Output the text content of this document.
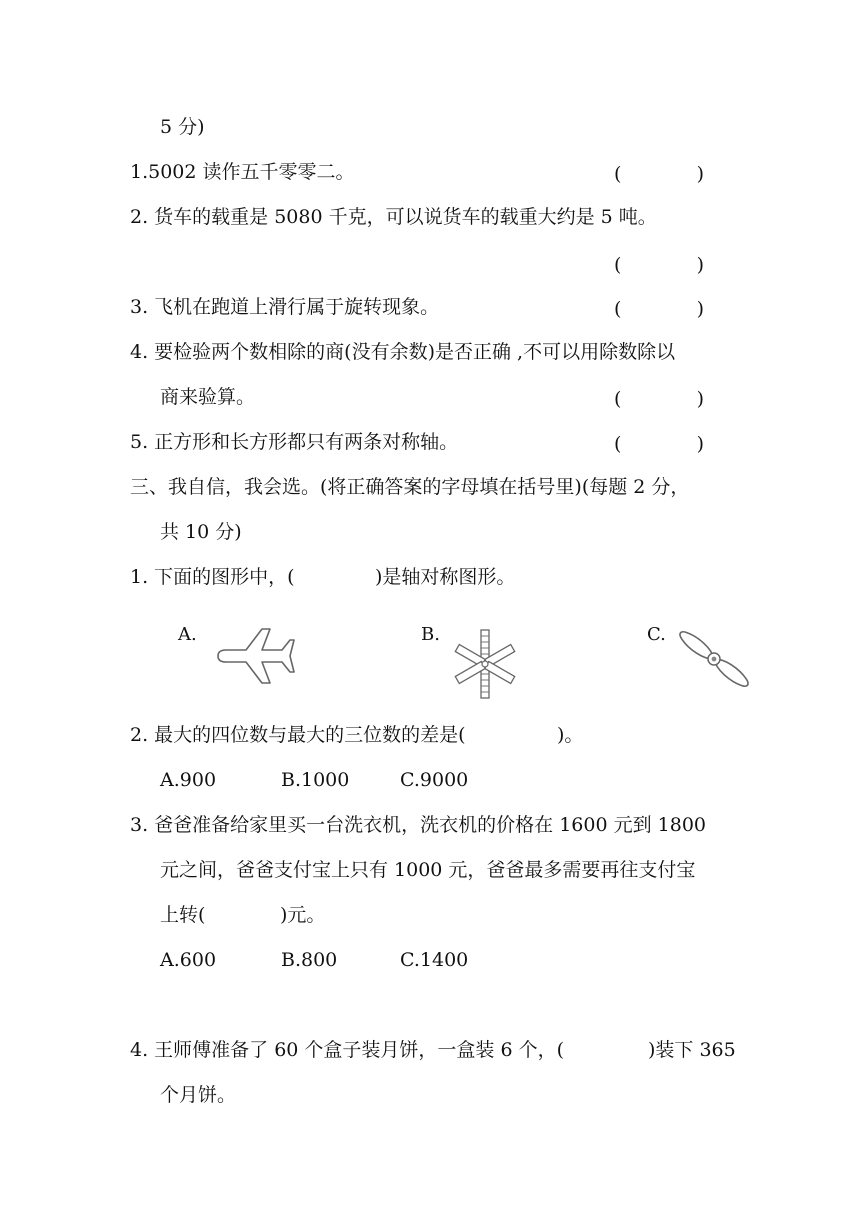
5 分)
1.5002 读作五千零零二。	(	)
2. 货车的载重是 5080 千克，可以说货车的载重大约是 5 吨。
(	)
3. 飞机在跑道上滑行属于旋转现象。	(	)
4. 要检验两个数相除的商(没有余数)是否正确 ,不可以用除数除以
商来验算。	(	)
5. 正方形和长方形都只有两条对称轴。	(	)
三、我自信，我会选。(将正确答案的字母填在括号里)(每题 2 分，
共 10 分)
1. 下面的图形中，(	)是轴对称图形。
A.	B.	C.
2. 最大的四位数与最大的三位数的差是(	)。
A.900	B.1000	C.9000
3. 爸爸准备给家里买一台洗衣机，洗衣机的价格在 1600 元到 1800
元之间，爸爸支付宝上只有 1000 元，爸爸最多需要再往支付宝
上转(	)元。
A.600	B.800	C.1400
4. 王师傅准备了 60 个盒子装月饼，一盒装 6 个，(	)装下 365
个月饼。
